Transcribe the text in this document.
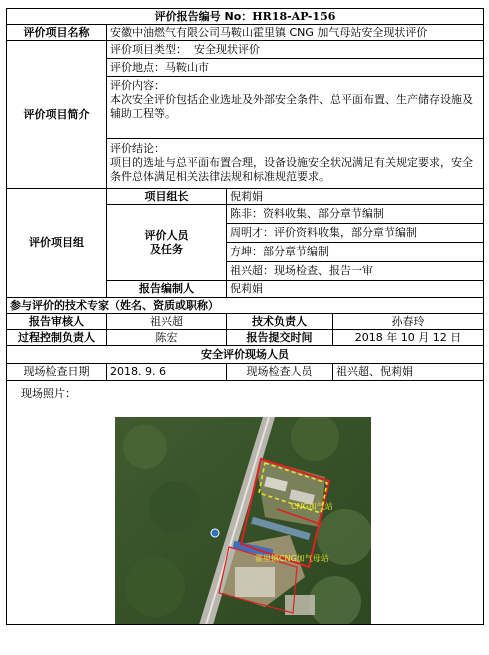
评价报告编号 No：HR18-AP-156			
评价项目名称	安徽中油燃气有限公司马鞍山霍里镇 CNG 加气母站安全现状评价		
评价项目简介	评价项目类型： 安全现状评价		
	评价地点：马鞍山市		

	评价内容：
本次安全评价包括企业选址及外部安全条件、总平面布置、生产储存设施及辅助工程等。		

	评价结论：
项目的选址与总平面布置合理，设备设施安全状况满足有关规定要求，安全条件总体满足相关法律法规和标准规范要求。		

评价项目组	项目组长	倪莉娟	

	评价人员
及任务	陈非：资料收集、部分章节编制	
		周明才：评价资料收集，部分章节编制	
		方坤：部分章节编制	
		祖兴超：现场检查、报告一审	
	报告编制人	倪莉娟	
参与评价的技术专家（姓名、资质或职称）			
报告审核人	祖兴超	技术负责人	孙春玲
过程控制负责人	陈宏	报告提交时间	2018 年 10 月 12 日
安全评价现场人员			
现场检查日期	2018. 9. 6	现场检查人员	祖兴超、倪莉娟

现场照片：
CNG加气站
霍里镇CNG加气母站			
